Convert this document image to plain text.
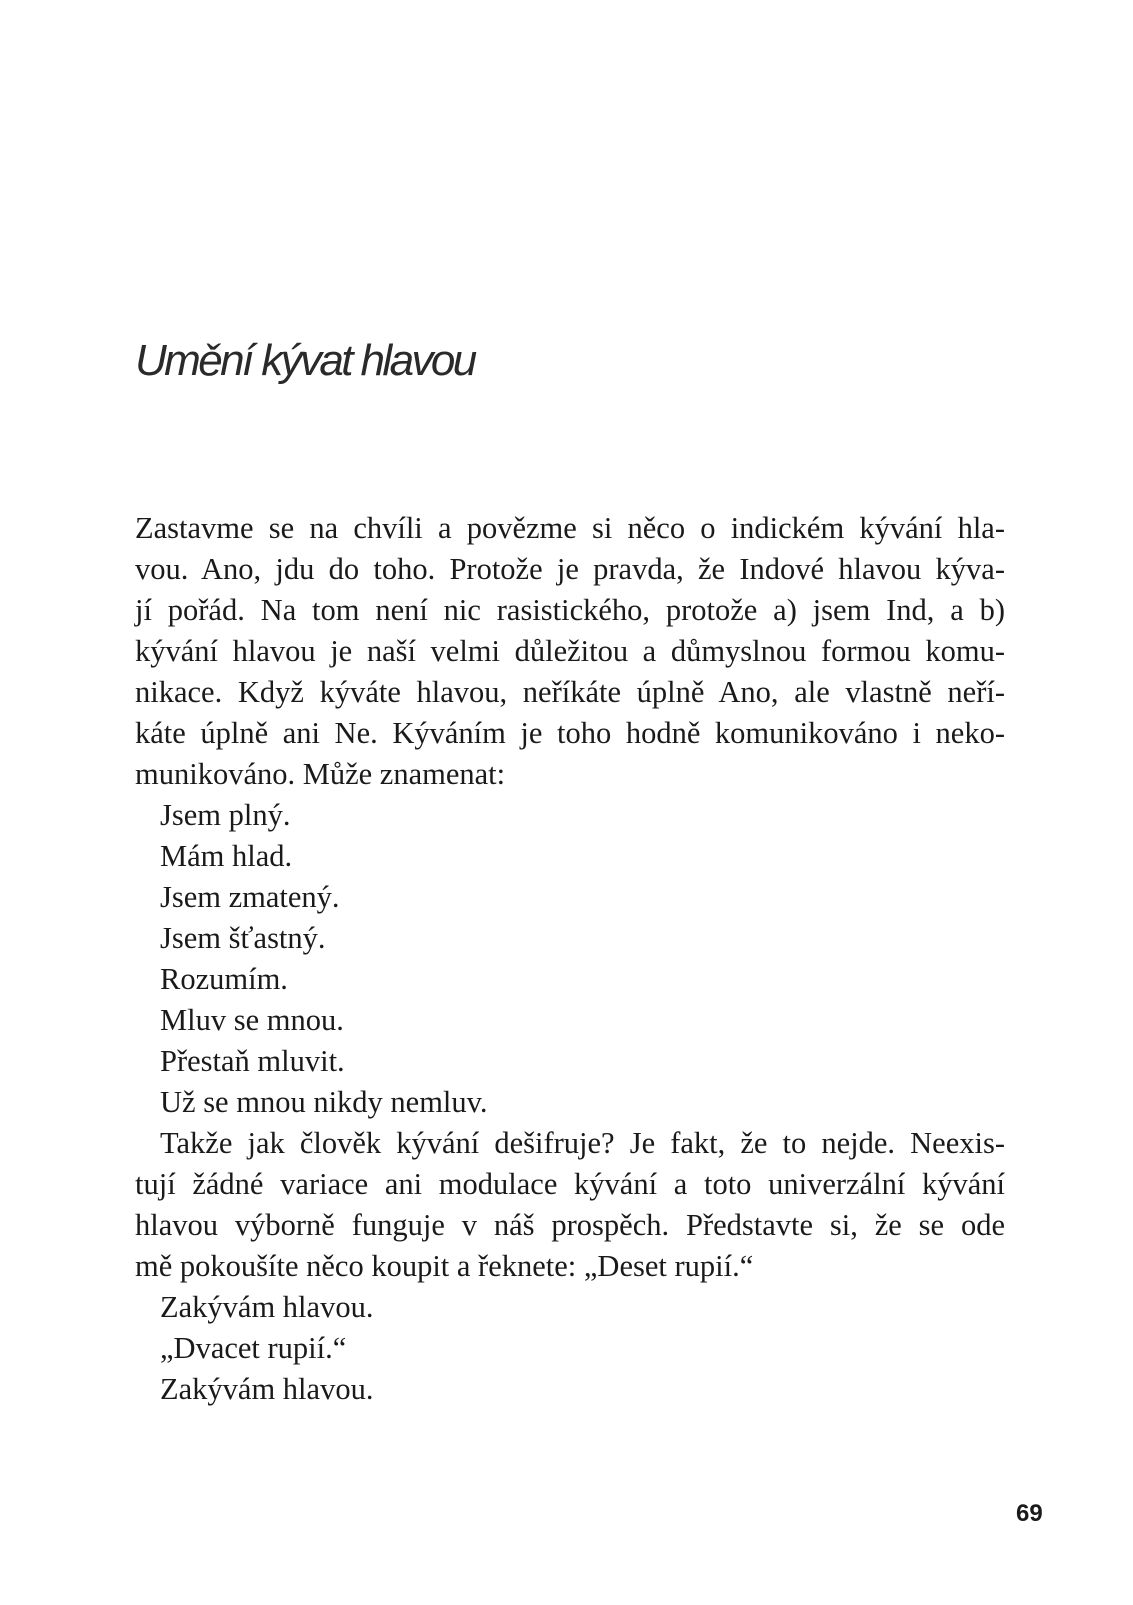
Umění kývat hlavou
Zastavme se na chvíli a povězme si něco o indickém kývání hla-
vou. Ano, jdu do toho. Protože je pravda, že Indové hlavou kýva-
jí pořád. Na tom není nic rasistického, protože a) jsem Ind, a b)
kývání hlavou je naší velmi důležitou a důmyslnou formou komu-
nikace. Když kýváte hlavou, neříkáte úplně Ano, ale vlastně neří-
káte úplně ani Ne. Kýváním je toho hodně komunikováno i neko-
munikováno. Může znamenat:
Jsem plný.
Mám hlad.
Jsem zmatený.
Jsem šťastný.
Rozumím.
Mluv se mnou.
Přestaň mluvit.
Už se mnou nikdy nemluv.
Takže jak člověk kývání dešifruje? Je fakt, že to nejde. Neexis-
tují žádné variace ani modulace kývání a toto univerzální kývání
hlavou výborně funguje v náš prospěch. Představte si, že se ode
mě pokoušíte něco koupit a řeknete: „Deset rupií.“
Zakývám hlavou.
„Dvacet rupií.“
Zakývám hlavou.
69
